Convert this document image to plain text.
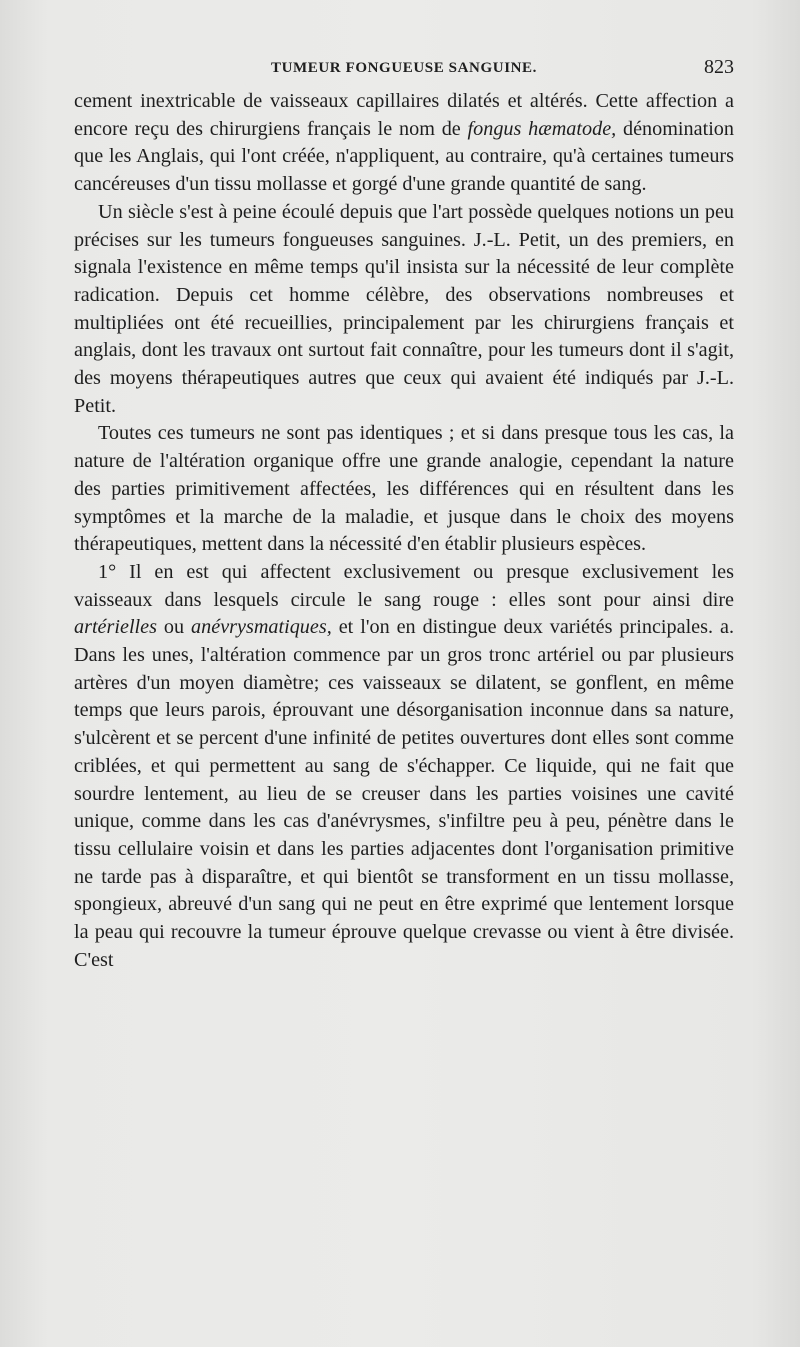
TUMEUR FONGUEUSE SANGUINE.	823

cement inextricable de vaisseaux capillaires dilatés et altérés. Cette affection a encore reçu des chirurgiens français le nom de fongus hæmatode, dénomination que les Anglais, qui l'ont créée, n'appliquent, au contraire, qu'à certaines tumeurs cancéreuses d'un tissu mollasse et gorgé d'une grande quantité de sang.

Un siècle s'est à peine écoulé depuis que l'art possède quelques notions un peu précises sur les tumeurs fongueuses sanguines. J.-L. Petit, un des premiers, en signala l'existence en même temps qu'il insista sur la nécessité de leur complète radication. Depuis cet homme célèbre, des observations nombreuses et multipliées ont été recueillies, principalement par les chirurgiens français et anglais, dont les travaux ont surtout fait connaître, pour les tumeurs dont il s'agit, des moyens thérapeutiques autres que ceux qui avaient été indiqués par J.-L. Petit.

Toutes ces tumeurs ne sont pas identiques ; et si dans presque tous les cas, la nature de l'altération organique offre une grande analogie, cependant la nature des parties primitivement affectées, les différences qui en résultent dans les symptômes et la marche de la maladie, et jusque dans le choix des moyens thérapeutiques, mettent dans la nécessité d'en établir plusieurs espèces.

1° Il en est qui affectent exclusivement ou presque exclusivement les vaisseaux dans lesquels circule le sang rouge : elles sont pour ainsi dire artérielles ou anévrysmatiques, et l'on en distingue deux variétés principales. a. Dans les unes, l'altération commence par un gros tronc artériel ou par plusieurs artères d'un moyen diamètre; ces vaisseaux se dilatent, se gonflent, en même temps que leurs parois, éprouvant une désorganisation inconnue dans sa nature, s'ulcèrent et se percent d'une infinité de petites ouvertures dont elles sont comme criblées, et qui permettent au sang de s'échapper. Ce liquide, qui ne fait que sourdre lentement, au lieu de se creuser dans les parties voisines une cavité unique, comme dans les cas d'anévrysmes, s'infiltre peu à peu, pénètre dans le tissu cellulaire voisin et dans les parties adjacentes dont l'organisation primitive ne tarde pas à disparaître, et qui bientôt se transforment en un tissu mollasse, spongieux, abreuvé d'un sang qui ne peut en être exprimé que lentement lorsque la peau qui recouvre la tumeur éprouve quelque crevasse ou vient à être divisée. C'est
